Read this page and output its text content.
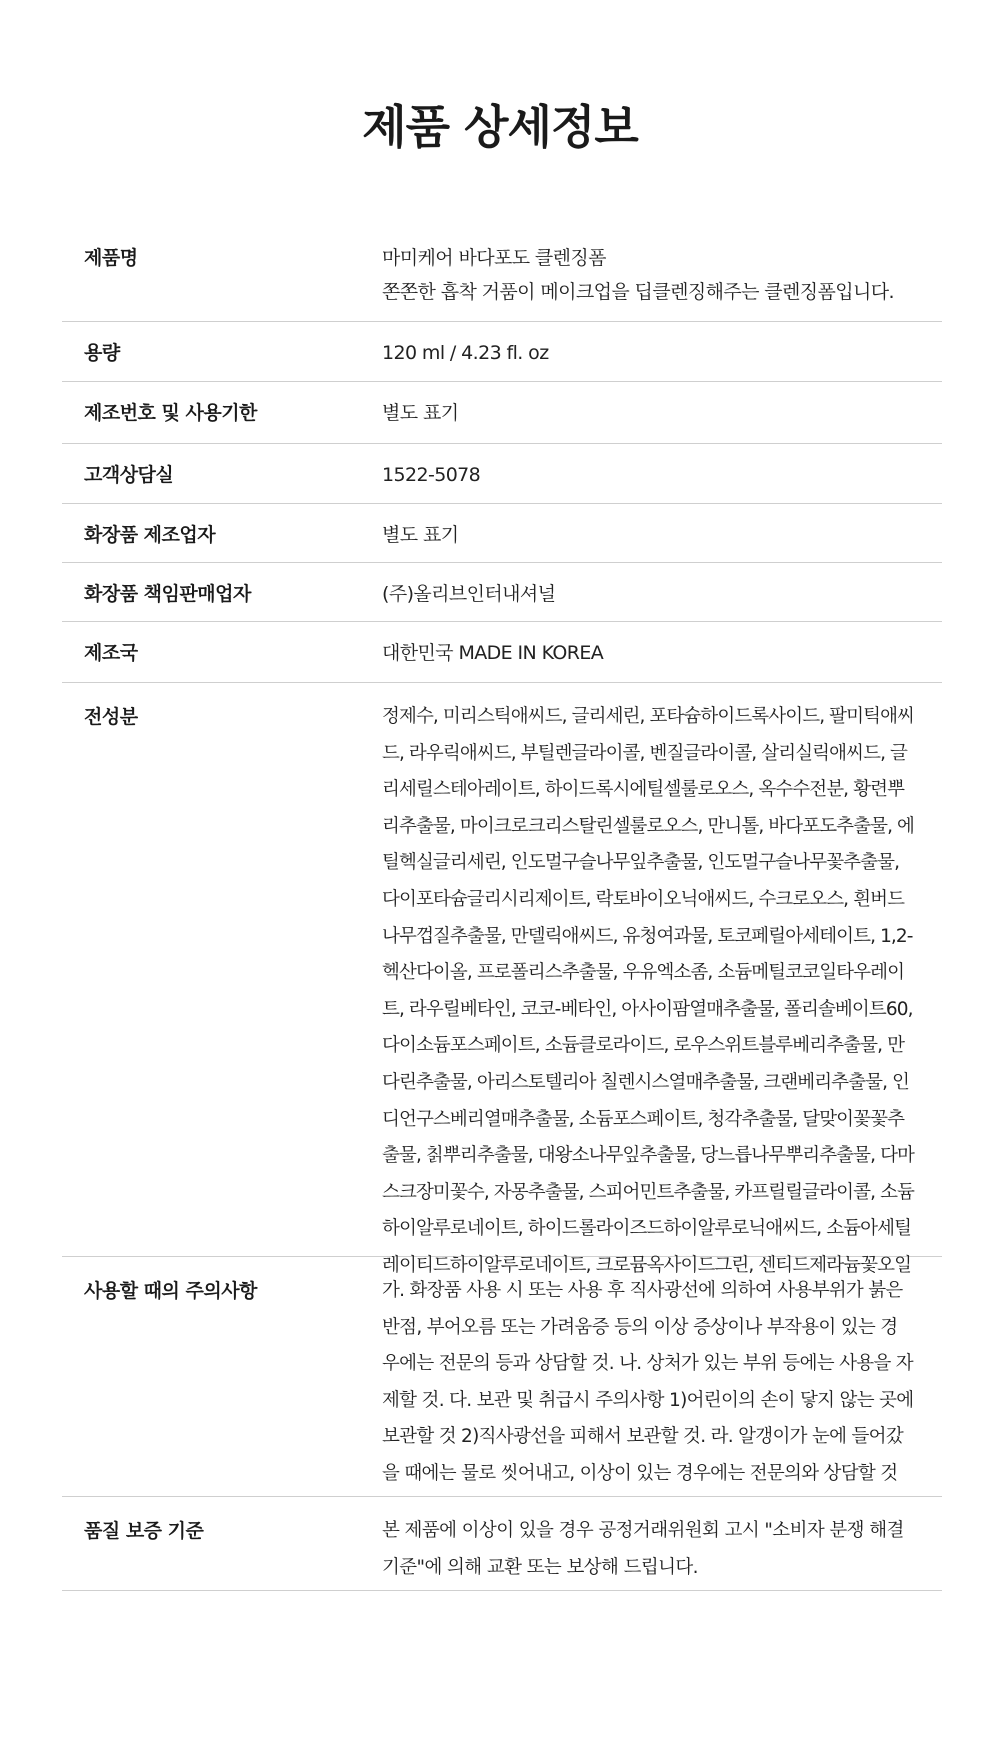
제품 상세정보
제품명	마미케어 바다포도 클렌징폼
쫀쫀한 흡착 거품이 메이크업을 딥클렌징해주는 클렌징폼입니다.
용량	120 ml / 4.23 fl. oz
제조번호 및 사용기한	별도 표기
고객상담실	1522-5078
화장품 제조업자	별도 표기
화장품 책임판매업자	(주)올리브인터내셔널
제조국	대한민국 MADE IN KOREA
전성분	정제수, 미리스틱애씨드, 글리세린, 포타슘하이드록사이드, 팔미틱애씨
드, 라우릭애씨드, 부틸렌글라이콜, 벤질글라이콜, 살리실릭애씨드, 글
리세릴스테아레이트, 하이드록시에틸셀룰로오스, 옥수수전분, 황련뿌
리추출물, 마이크로크리스탈린셀룰로오스, 만니톨, 바다포도추출물, 에
틸헥실글리세린, 인도멀구슬나무잎추출물, 인도멀구슬나무꽃추출물,
다이포타슘글리시리제이트, 락토바이오닉애씨드, 수크로오스, 흰버드
나무껍질추출물, 만델릭애씨드, 유청여과물, 토코페릴아세테이트, 1,2-
헥산다이올, 프로폴리스추출물, 우유엑소좀, 소듐메틸코코일타우레이
트, 라우릴베타인, 코코-베타인, 아사이팜열매추출물, 폴리솔베이트60,
다이소듐포스페이트, 소듐클로라이드, 로우스위트블루베리추출물, 만
다린추출물, 아리스토텔리아 칠렌시스열매추출물, 크랜베리추출물, 인
디언구스베리열매추출물, 소듐포스페이트, 청각추출물, 달맞이꽃꽃추
출물, 칡뿌리추출물, 대왕소나무잎추출물, 당느릅나무뿌리추출물, 다마
스크장미꽃수, 자몽추출물, 스피어민트추출물, 카프릴릴글라이콜, 소듐
하이알루로네이트, 하이드롤라이즈드하이알루로닉애씨드, 소듐아세틸
레이티드하이알루로네이트, 크로뮴옥사이드그린, 센티드제라늄꽃오일
사용할 때의 주의사항	가. 화장품 사용 시 또는 사용 후 직사광선에 의하여 사용부위가 붉은
반점, 부어오름 또는 가려움증 등의 이상 증상이나 부작용이 있는 경
우에는 전문의 등과 상담할 것. 나. 상처가 있는 부위 등에는 사용을 자
제할 것. 다. 보관 및 취급시 주의사항 1)어린이의 손이 닿지 않는 곳에
보관할 것 2)직사광선을 피해서 보관할 것. 라. 알갱이가 눈에 들어갔
을 때에는 물로 씻어내고, 이상이 있는 경우에는 전문의와 상담할 것
품질 보증 기준	본 제품에 이상이 있을 경우 공정거래위원회 고시 "소비자 분쟁 해결
기준"에 의해 교환 또는 보상해 드립니다.
